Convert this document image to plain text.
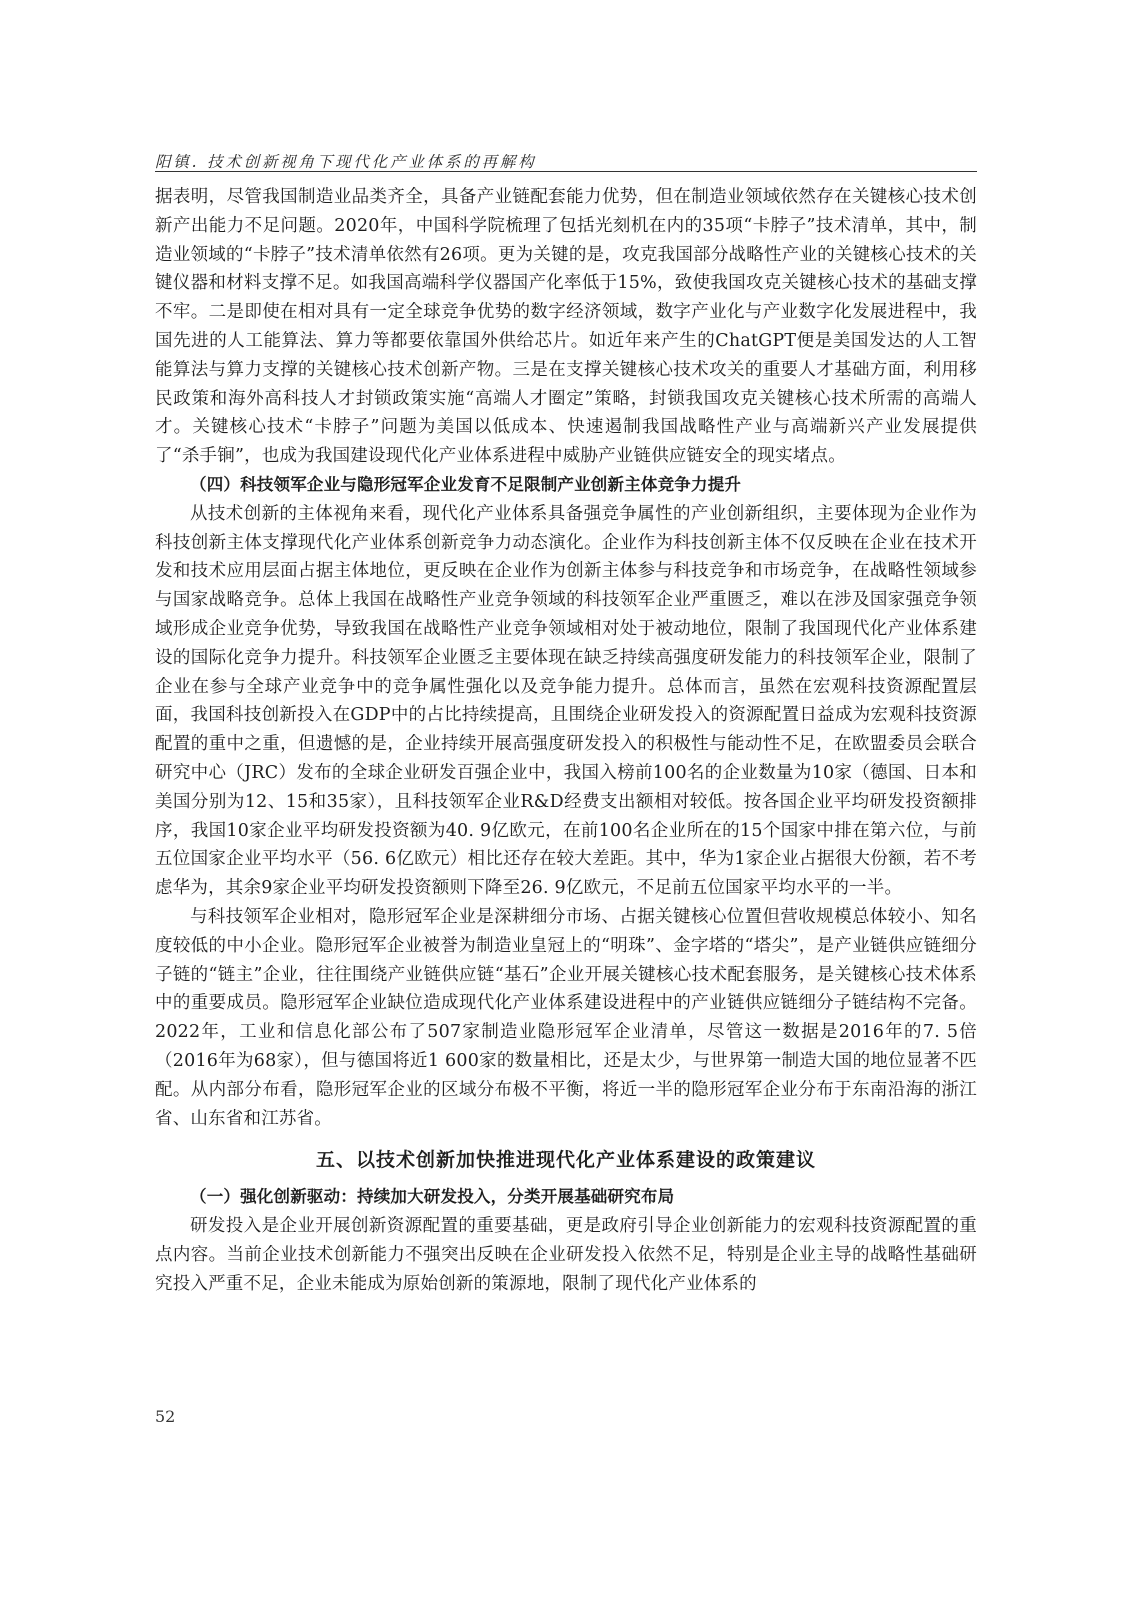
阳镇. 技术创新视角下现代化产业体系的再解构

据表明，尽管我国制造业品类齐全，具备产业链配套能力优势，但在制造业领域依然存在关键核心技术创新产出能力不足问题。2020年，中国科学院梳理了包括光刻机在内的35项“卡脖子”技术清单，其中，制造业领域的“卡脖子”技术清单依然有26项。更为关键的是，攻克我国部分战略性产业的关键核心技术的关键仪器和材料支撑不足。如我国高端科学仪器国产化率低于15%，致使我国攻克关键核心技术的基础支撑不牢。二是即使在相对具有一定全球竞争优势的数字经济领域，数字产业化与产业数字化发展进程中，我国先进的人工能算法、算力等都要依靠国外供给芯片。如近年来产生的ChatGPT便是美国发达的人工智能算法与算力支撑的关键核心技术创新产物。三是在支撑关键核心技术攻关的重要人才基础方面，利用移民政策和海外高科技人才封锁政策实施“高端人才圈定”策略，封锁我国攻克关键核心技术所需的高端人才。关键核心技术“卡脖子”问题为美国以低成本、快速遏制我国战略性产业与高端新兴产业发展提供了“杀手锏”，也成为我国建设现代化产业体系进程中威胁产业链供应链安全的现实堵点。

（四）科技领军企业与隐形冠军企业发育不足限制产业创新主体竞争力提升

从技术创新的主体视角来看，现代化产业体系具备强竞争属性的产业创新组织，主要体现为企业作为科技创新主体支撑现代化产业体系创新竞争力动态演化。企业作为科技创新主体不仅反映在企业在技术开发和技术应用层面占据主体地位，更反映在企业作为创新主体参与科技竞争和市场竞争，在战略性领域参与国家战略竞争。总体上我国在战略性产业竞争领域的科技领军企业严重匮乏，难以在涉及国家强竞争领域形成企业竞争优势，导致我国在战略性产业竞争领域相对处于被动地位，限制了我国现代化产业体系建设的国际化竞争力提升。科技领军企业匮乏主要体现在缺乏持续高强度研发能力的科技领军企业，限制了企业在参与全球产业竞争中的竞争属性强化以及竞争能力提升。总体而言，虽然在宏观科技资源配置层面，我国科技创新投入在GDP中的占比持续提高，且围绕企业研发投入的资源配置日益成为宏观科技资源配置的重中之重，但遗憾的是，企业持续开展高强度研发投入的积极性与能动性不足，在欧盟委员会联合研究中心（JRC）发布的全球企业研发百强企业中，我国入榜前100名的企业数量为10家（德国、日本和美国分别为12、15和35家），且科技领军企业R&D经费支出额相对较低。按各国企业平均研发投资额排序，我国10家企业平均研发投资额为40. 9亿欧元，在前100名企业所在的15个国家中排在第六位，与前五位国家企业平均水平（56. 6亿欧元）相比还存在较大差距。其中，华为1家企业占据很大份额，若不考虑华为，其余9家企业平均研发投资额则下降至26. 9亿欧元，不足前五位国家平均水平的一半。

与科技领军企业相对，隐形冠军企业是深耕细分市场、占据关键核心位置但营收规模总体较小、知名度较低的中小企业。隐形冠军企业被誉为制造业皇冠上的“明珠”、金字塔的“塔尖”，是产业链供应链细分子链的“链主”企业，往往围绕产业链供应链“基石”企业开展关键核心技术配套服务，是关键核心技术体系中的重要成员。隐形冠军企业缺位造成现代化产业体系建设进程中的产业链供应链细分子链结构不完备。2022年，工业和信息化部公布了507家制造业隐形冠军企业清单，尽管这一数据是2016年的7. 5倍（2016年为68家），但与德国将近1 600家的数量相比，还是太少，与世界第一制造大国的地位显著不匹配。从内部分布看，隐形冠军企业的区域分布极不平衡，将近一半的隐形冠军企业分布于东南沿海的浙江省、山东省和江苏省。

五、以技术创新加快推进现代化产业体系建设的政策建议

（一）强化创新驱动：持续加大研发投入，分类开展基础研究布局

研发投入是企业开展创新资源配置的重要基础，更是政府引导企业创新能力的宏观科技资源配置的重点内容。当前企业技术创新能力不强突出反映在企业研发投入依然不足，特别是企业主导的战略性基础研究投入严重不足，企业未能成为原始创新的策源地，限制了现代化产业体系的

52
